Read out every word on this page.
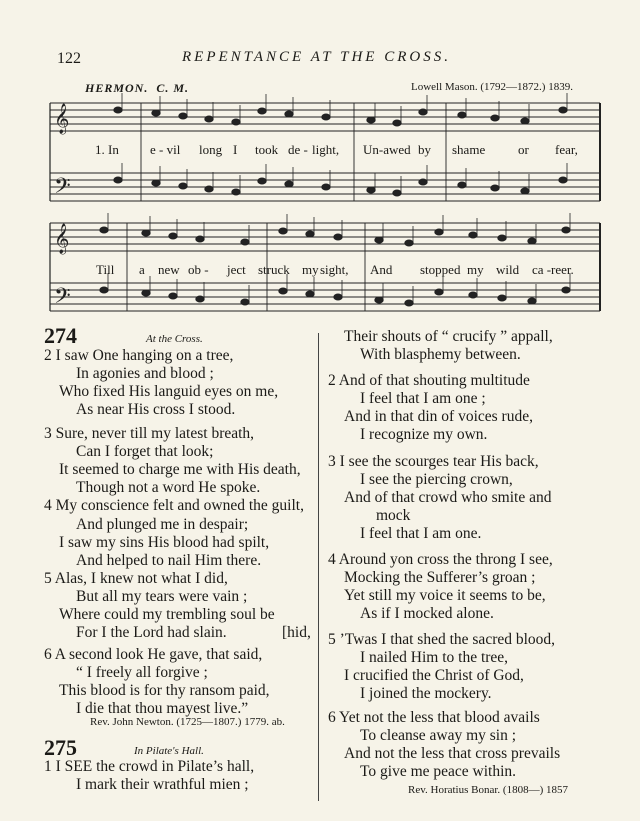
122	REPENTANCE AT THE CROSS.
HERMON. C. M.	Lowell Mason. (1792—1872.) 1839.
𝄞
𝄢
𝄞
𝄢
1. In e - vil long I took de - light, Un-awed by shame	or fear,
Till a new ob - ject struck my sight, And stopped my wild ca - reer.
274	At the Cross.
2 I saw One hanging on a tree,
In agonies and blood ;
Who fixed His languid eyes on me,
As near His cross I stood.
3 Sure, never till my latest breath,
Can I forget that look;
It seemed to charge me with His death,
Though not a word He spoke.
4 My conscience felt and owned the guilt,
And plunged me in despair;
I saw my sins His blood had spilt,
And helped to nail Him there.
5 Alas, I knew not what I did,
But all my tears were vain ;
Where could my trembling soul be
For I the Lord had slain.	[hid,
6 A second look He gave, that said,
“ I freely all forgive ;
This blood is for thy ransom paid,
I die that thou mayest live.”
Rev. John Newton. (1725—1807.) 1779. ab.
275	In Pilate's Hall.
1 I SEE the crowd in Pilate’s hall,
I mark their wrathful mien ;
Their shouts of “ crucify ” appall,
With blasphemy between.
2 And of that shouting multitude
I feel that I am one ;
And in that din of voices rude,
I recognize my own.
3 I see the scourges tear His back,
I see the piercing crown,
And of that crowd who smite and
mock
I feel that I am one.
4 Around yon cross the throng I see,
Mocking the Sufferer’s groan ;
Yet still my voice it seems to be,
As if I mocked alone.
5 ’Twas I that shed the sacred blood,
I nailed Him to the tree,
I crucified the Christ of God,
I joined the mockery.
6 Yet not the less that blood avails
To cleanse away my sin ;
And not the less that cross prevails
To give me peace within.
Rev. Horatius Bonar. (1808—) 1857
